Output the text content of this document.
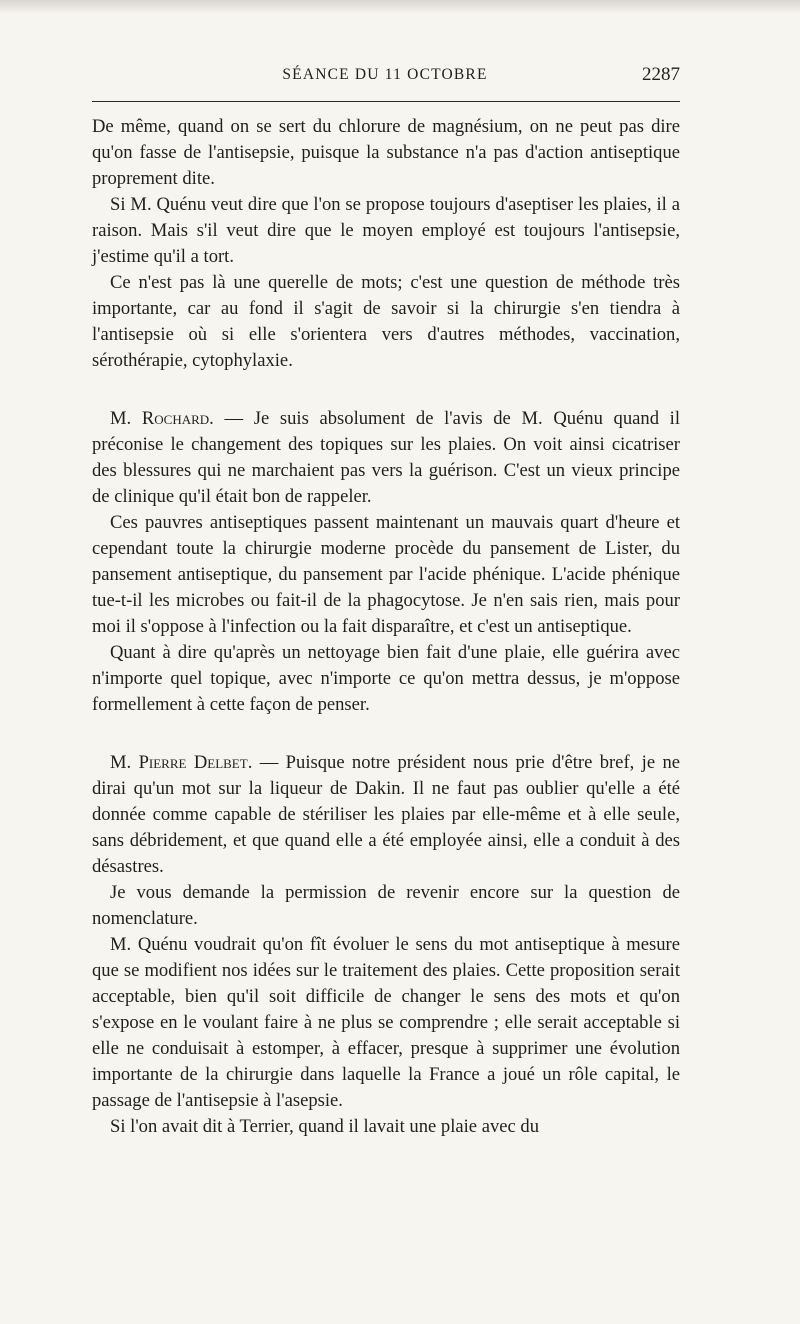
SÉANCE DU 11 OCTOBRE	2287

De même, quand on se sert du chlorure de magnésium, on ne peut pas dire qu'on fasse de l'antisepsie, puisque la substance n'a pas d'action antiseptique proprement dite.

Si M. Quénu veut dire que l'on se propose toujours d'aseptiser les plaies, il a raison. Mais s'il veut dire que le moyen employé est toujours l'antisepsie, j'estime qu'il a tort.

Ce n'est pas là une querelle de mots; c'est une question de méthode très importante, car au fond il s'agit de savoir si la chirurgie s'en tiendra à l'antisepsie où si elle s'orientera vers d'autres méthodes, vaccination, sérothérapie, cytophylaxie.

M. Rochard. — Je suis absolument de l'avis de M. Quénu quand il préconise le changement des topiques sur les plaies. On voit ainsi cicatriser des blessures qui ne marchaient pas vers la guérison. C'est un vieux principe de clinique qu'il était bon de rappeler.

Ces pauvres antiseptiques passent maintenant un mauvais quart d'heure et cependant toute la chirurgie moderne procède du pansement de Lister, du pansement antiseptique, du pansement par l'acide phénique. L'acide phénique tue-t-il les microbes ou fait-il de la phagocytose. Je n'en sais rien, mais pour moi il s'oppose à l'infection ou la fait disparaître, et c'est un antiseptique.

Quant à dire qu'après un nettoyage bien fait d'une plaie, elle guérira avec n'importe quel topique, avec n'importe ce qu'on mettra dessus, je m'oppose formellement à cette façon de penser.

M. Pierre Delbet. — Puisque notre président nous prie d'être bref, je ne dirai qu'un mot sur la liqueur de Dakin. Il ne faut pas oublier qu'elle a été donnée comme capable de stériliser les plaies par elle-même et à elle seule, sans débridement, et que quand elle a été employée ainsi, elle a conduit à des désastres.

Je vous demande la permission de revenir encore sur la question de nomenclature.

M. Quénu voudrait qu'on fît évoluer le sens du mot antiseptique à mesure que se modifient nos idées sur le traitement des plaies. Cette proposition serait acceptable, bien qu'il soit difficile de changer le sens des mots et qu'on s'expose en le voulant faire à ne plus se comprendre ; elle serait acceptable si elle ne conduisait à estomper, à effacer, presque à supprimer une évolution importante de la chirurgie dans laquelle la France a joué un rôle capital, le passage de l'antisepsie à l'asepsie.

Si l'on avait dit à Terrier, quand il lavait une plaie avec du
